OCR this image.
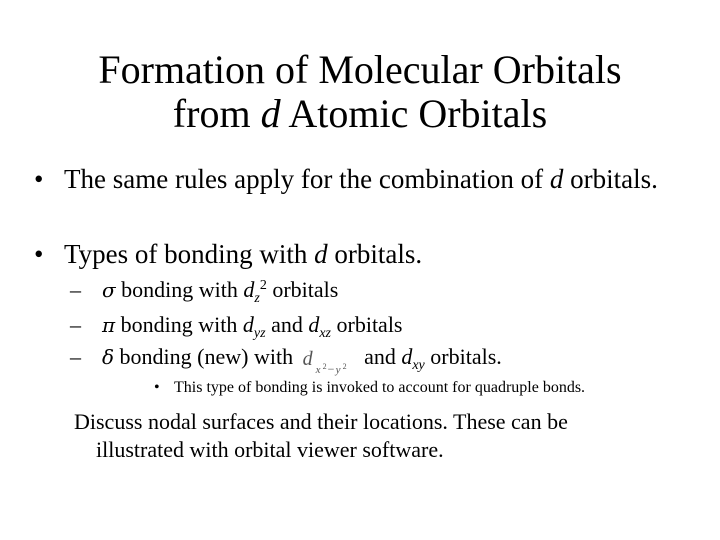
Formation of Molecular Orbitals
from d Atomic Orbitals
• The same rules apply for the combination of d orbitals.
• Types of bonding with d orbitals.
– σ bonding with $d_z^2$ orbitals
– π bonding with $d_{yz}$ and $d_{xz}$ orbitals
– δ bonding (new) with d x 2 − y 2 and $d_{xy}$ orbitals.
• This type of bonding is invoked to account for quadruple bonds.
Discuss nodal surfaces and their locations. These can be
illustrated with orbital viewer software.
